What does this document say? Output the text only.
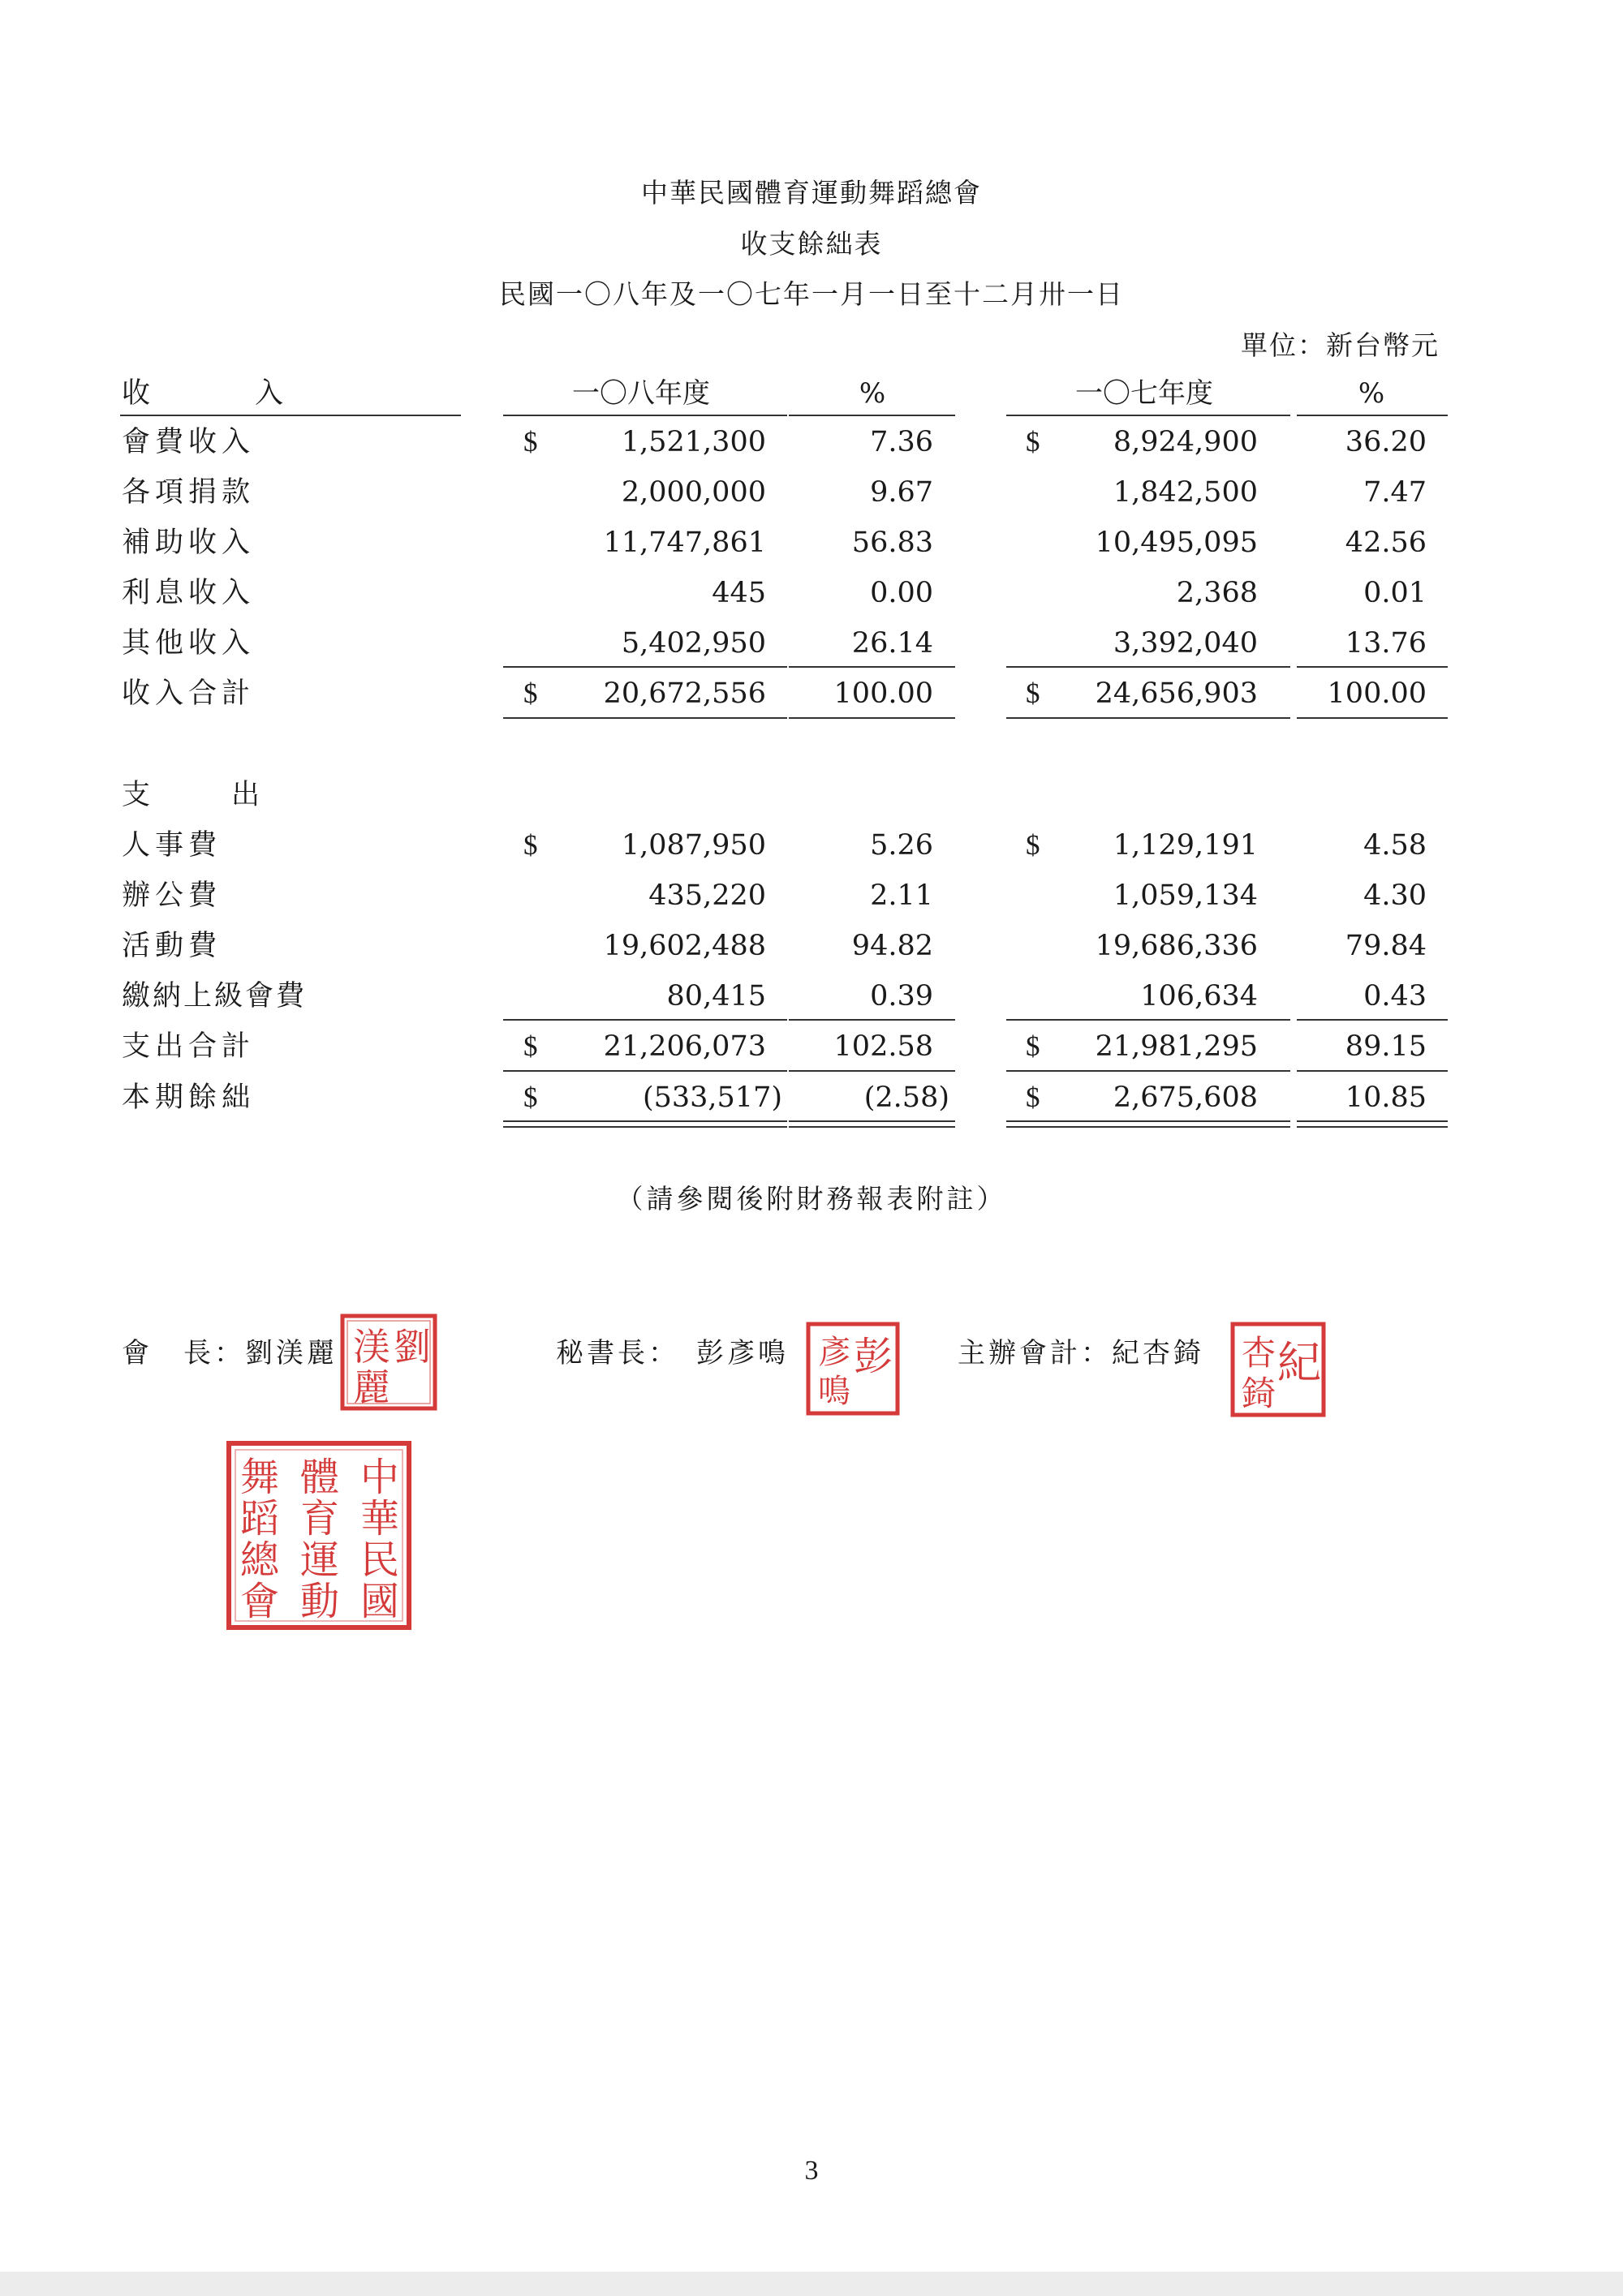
中華民國體育運動舞蹈總會
收支餘絀表
民國一〇八年及一〇七年一月一日至十二月卅一日
單位：新台幣元
收　　　入	一〇八年度	%	一〇七年度	%
會費收入	$	1,521,300	7.36	$	8,924,900	36.20
各項捐款	2,000,000	9.67	1,842,500	7.47
補助收入	11,747,861	56.83	10,495,095	42.56
利息收入	445	0.00	2,368	0.01
其他收入	5,402,950	26.14	3,392,040	13.76
收入合計	$	20,672,556	100.00	$	24,656,903	100.00
支　　出
人事費	$	1,087,950	5.26	$	1,129,191	4.58
辦公費	435,220	2.11	1,059,134	4.30
活動費	19,602,488	94.82	19,686,336	79.84
繳納上級會費	80,415	0.39	106,634	0.43
支出合計	$	21,206,073	102.58	$	21,981,295	89.15
本期餘絀	$	(533,517)	(2.58)	$	2,675,608	10.85
（請參閱後附財務報表附註）
會　長：劉渼麗	秘書長：　彭彥鳴	主辦會計：紀杏錡
劉
渼
麗
彭
彥
鳴
紀
杏
錡
中
華
民
國
體
育
運
動
舞
蹈
總
會
3
